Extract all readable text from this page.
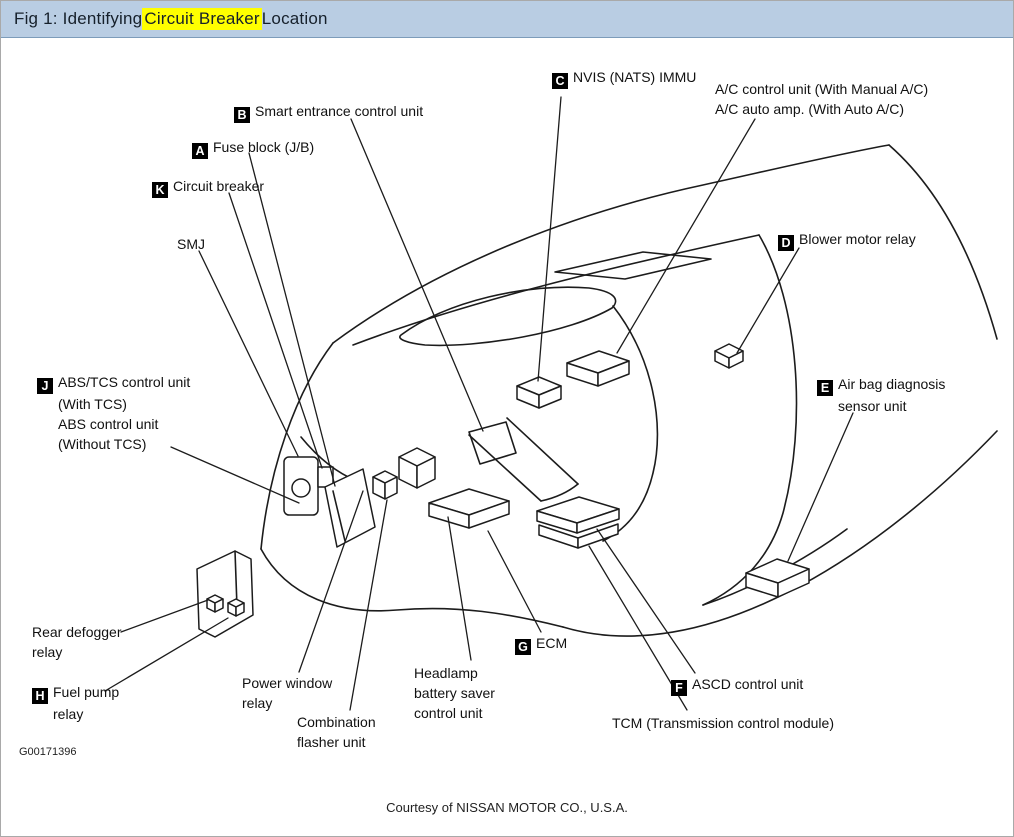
Fig 1: Identifying Circuit Breaker Location
C NVIS (NATS) IMMU
A/C control unit (With Manual A/C)
A/C auto amp. (With Auto A/C)
B Smart entrance control unit
A Fuse block (J/B)
K Circuit breaker
SMJ	D Blower motor relay
J ABS/TCS control unit
(With TCS)
ABS control unit
(Without TCS)
E Air bag diagnosis
sensor unit
Rear defogger
relay
H Fuel pump
relay
Power window
relay
Combination
flasher unit
Headlamp
battery saver
control unit
G ECM
F ASCD control unit
TCM (Transmission control module)
G00171396
Courtesy of NISSAN MOTOR CO., U.S.A.
